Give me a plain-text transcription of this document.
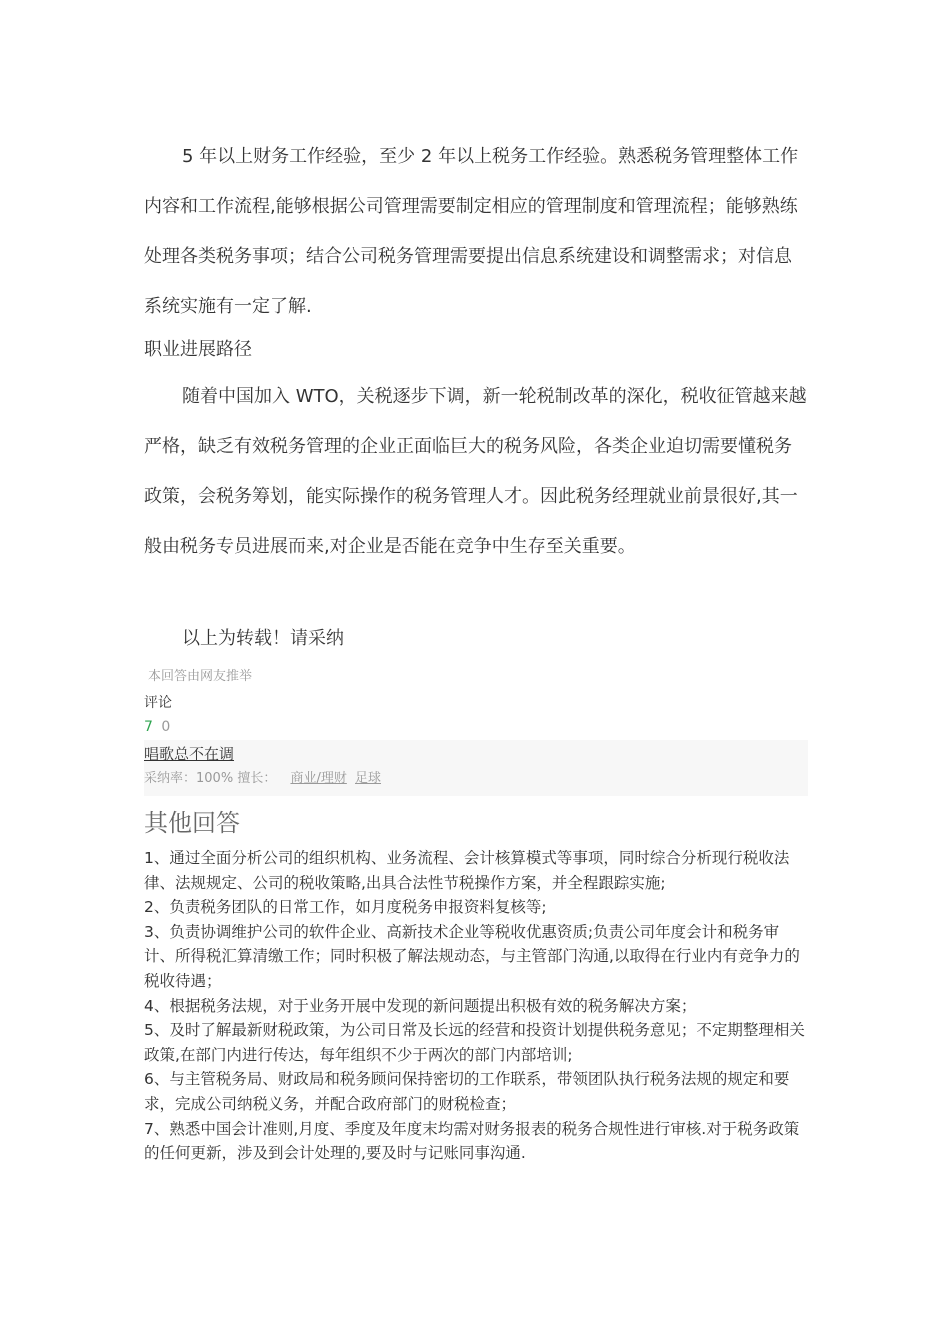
5 年以上财务工作经验，至少 2 年以上税务工作经验。熟悉税务管理整体工作内容和工作流程,能够根据公司管理需要制定相应的管理制度和管理流程；能够熟练处理各类税务事项；结合公司税务管理需要提出信息系统建设和调整需求；对信息系统实施有一定了解.

职业进展路径

随着中国加入 WTO，关税逐步下调，新一轮税制改革的深化，税收征管越来越严格，缺乏有效税务管理的企业正面临巨大的税务风险，各类企业迫切需要懂税务政策，会税务筹划，能实际操作的税务管理人才。因此税务经理就业前景很好,其一般由税务专员进展而来,对企业是否能在竞争中生存至关重要。

以上为转载！请采纳

本回答由网友推举
评论
7 0
唱歌总不在调
采纳率：100% 擅长： 商业/理财 足球
其他回答
1、通过全面分析公司的组织机构、业务流程、会计核算模式等事项，同时综合分析现行税收法律、法规规定、公司的税收策略,出具合法性节税操作方案，并全程跟踪实施;
2、负责税务团队的日常工作，如月度税务申报资料复核等;
3、负责协调维护公司的软件企业、高新技术企业等税收优惠资质;负责公司年度会计和税务审计、所得税汇算清缴工作；同时积极了解法规动态，与主管部门沟通,以取得在行业内有竞争力的税收待遇；
4、根据税务法规，对于业务开展中发现的新问题提出积极有效的税务解决方案；
5、及时了解最新财税政策，为公司日常及长远的经营和投资计划提供税务意见；不定期整理相关政策,在部门内进行传达，每年组织不少于两次的部门内部培训;
6、与主管税务局、财政局和税务顾问保持密切的工作联系，带领团队执行税务法规的规定和要求，完成公司纳税义务，并配合政府部门的财税检查；
7、熟悉中国会计准则,月度、季度及年度末均需对财务报表的税务合规性进行审核.对于税务政策的任何更新，涉及到会计处理的,要及时与记账同事沟通.
